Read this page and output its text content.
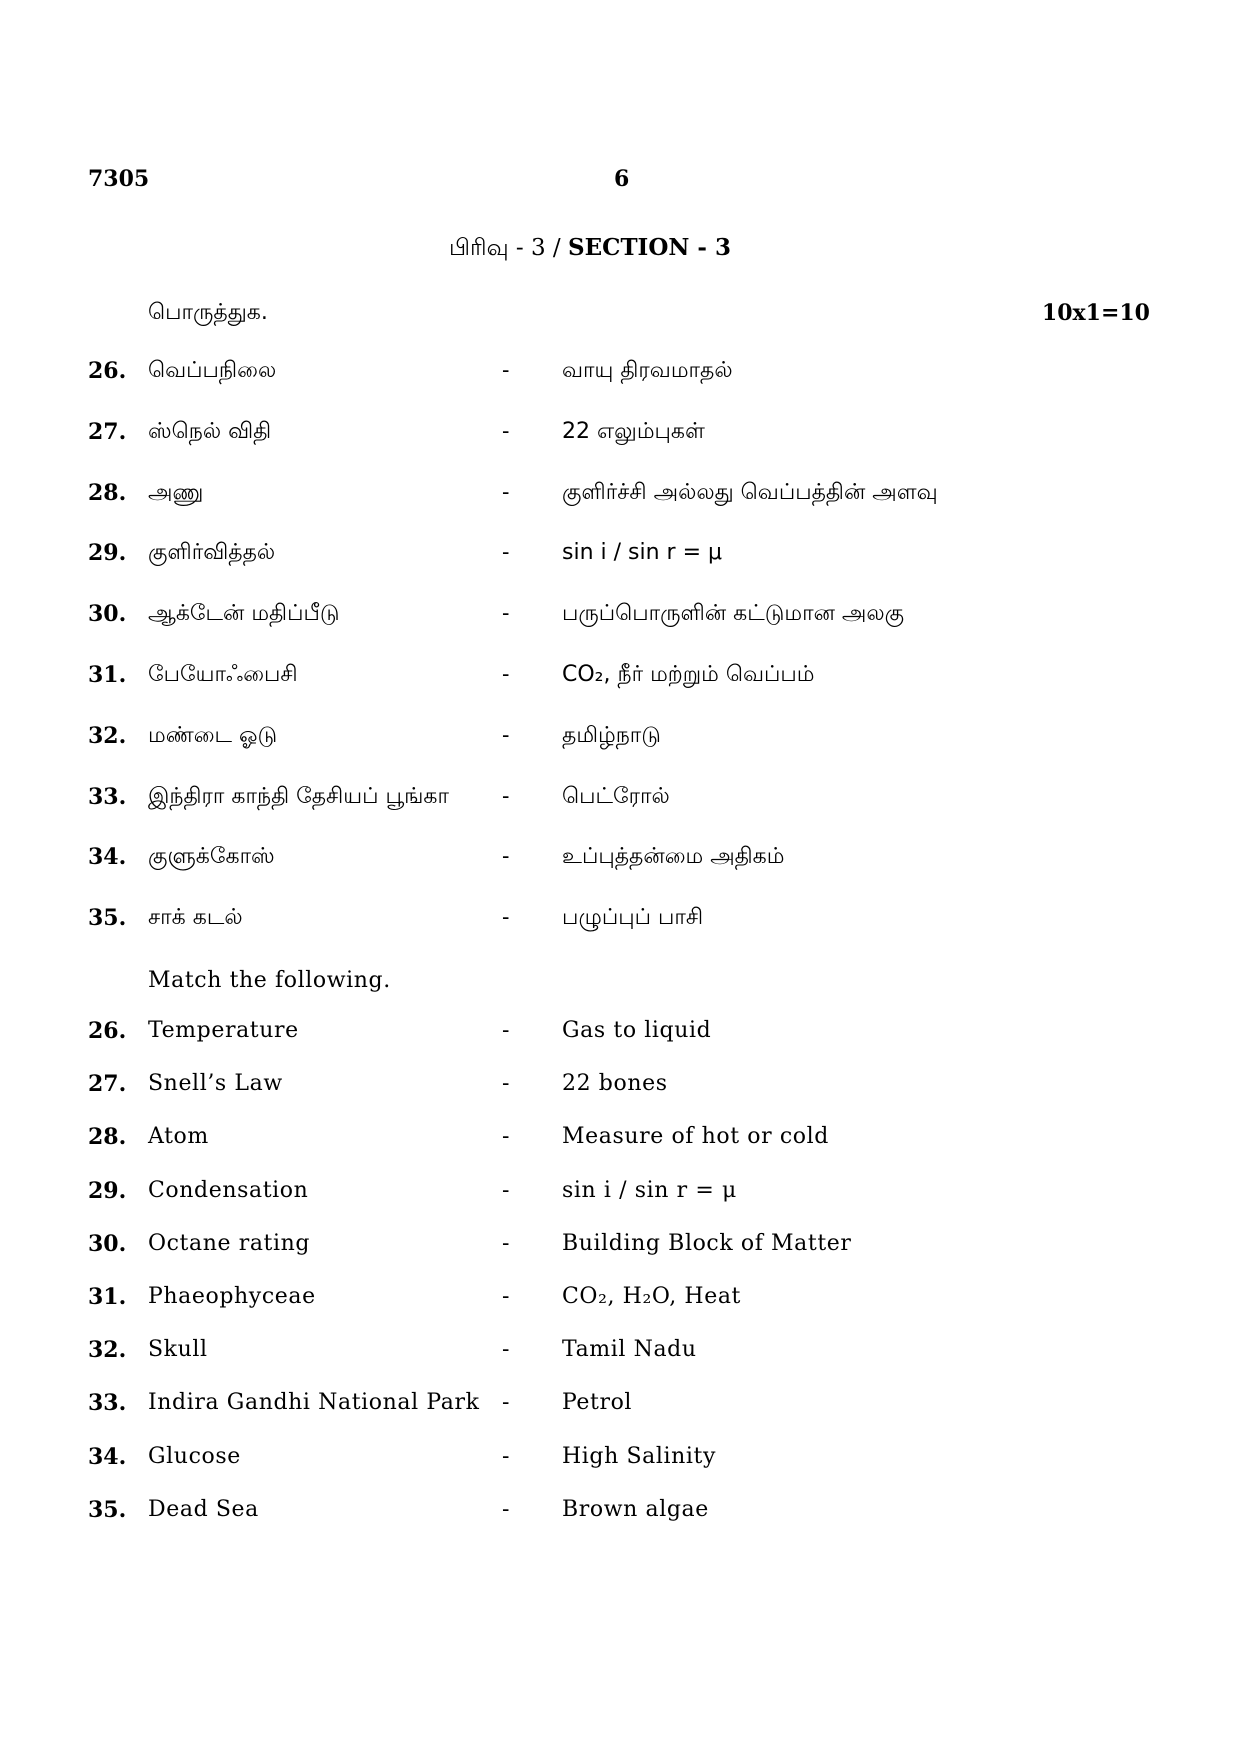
7305	6
பிரிவு - 3 / SECTION - 3
பொருத்துக.	10x1=10
26. வெப்பநிலை	- வாயு திரவமாதல்
27. ஸ்நெல் விதி	- 22 எலும்புகள்
28. அணு	- குளிர்ச்சி அல்லது வெப்பத்தின் அளவு
29. குளிர்வித்தல்	- sin i / sin r = μ
30. ஆக்டேன் மதிப்பீடு	- பருப்பொருளின் கட்டுமான அலகு
31. பேயோஃபைசி	- CO₂, நீர் மற்றும் வெப்பம்
32. மண்டை ஓடு	- தமிழ்நாடு
33. இந்திரா காந்தி தேசியப் பூங்கா - பெட்ரோல்
34. குளுக்கோஸ்	- உப்புத்தன்மை அதிகம்
35. சாக் கடல்	- பழுப்புப் பாசி
Match the following.
26. Temperature	- Gas to liquid
27. Snell’s Law	- 22 bones
28. Atom	- Measure of hot or cold
29. Condensation	- sin i / sin r = μ
30. Octane rating	- Building Block of Matter
31. Phaeophyceae	- CO₂, H₂O, Heat
32. Skull	- Tamil Nadu
33. Indira Gandhi National Park - Petrol
34. Glucose	- High Salinity
35. Dead Sea	- Brown algae
